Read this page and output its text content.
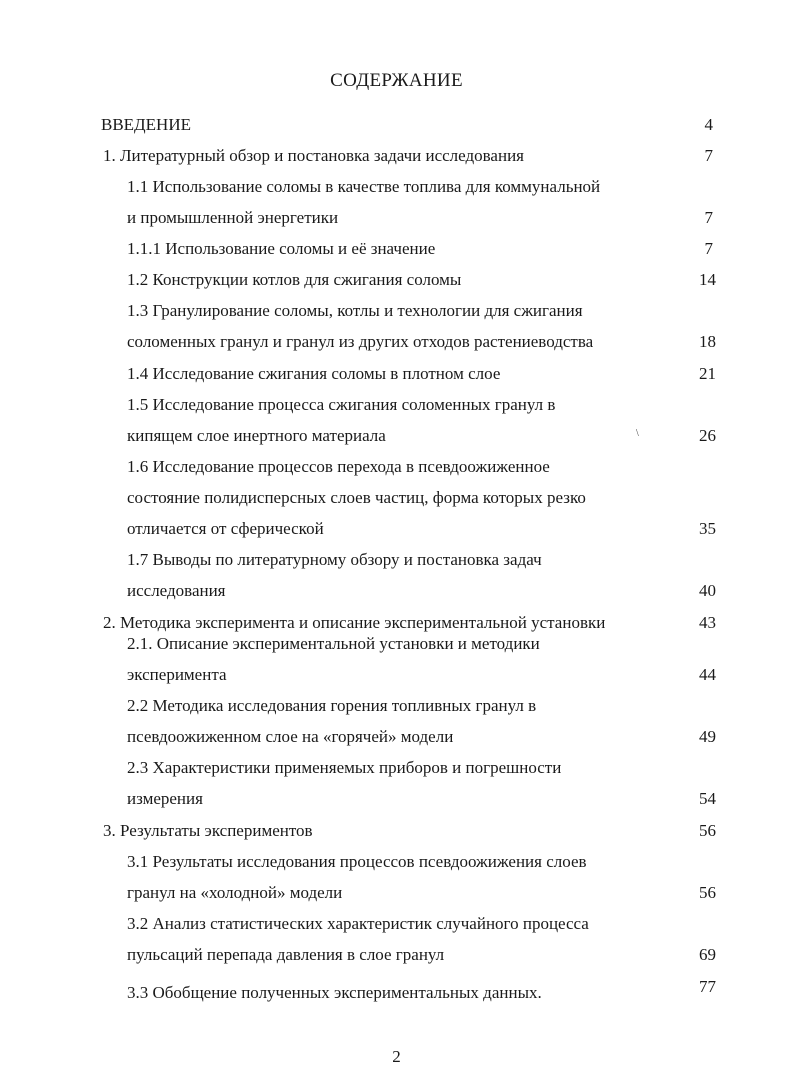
СОДЕРЖАНИЕ
ВВЕДЕНИЕ	4
1. Литературный обзор и постановка задачи исследования	7
1.1 Использование соломы в качестве топлива для коммунальной
и промышленной энергетики	7
1.1.1 Использование соломы и её значение	7
1.2 Конструкции котлов для сжигания соломы	14
1.3 Гранулирование соломы, котлы и технологии для сжигания
соломенных гранул и гранул из других отходов растениеводства	18
1.4 Исследование сжигания соломы в плотном слое	21
1.5 Исследование процесса сжигания соломенных гранул в
кипящем слое инертного материала	26
1.6 Исследование процессов перехода в псевдоожиженное
состояние полидисперсных слоев частиц, форма которых резко
отличается от сферической	35
1.7 Выводы по литературному обзору и постановка задач
исследования	40
2. Методика эксперимента и описание экспериментальной установки	43
2.1. Описание экспериментальной установки и методики
эксперимента	44
2.2 Методика исследования горения топливных гранул в
псевдоожиженном слое на «горячей» модели	49
2.3 Характеристики применяемых приборов и погрешности
измерения	54
3. Результаты экспериментов	56
3.1 Результаты исследования процессов псевдоожижения слоев
гранул на «холодной» модели	56
3.2 Анализ статистических характеристик случайного процесса
пульсаций перепада давления в слое гранул	69
3.3 Обобщение полученных экспериментальных данных.	77
\
2
